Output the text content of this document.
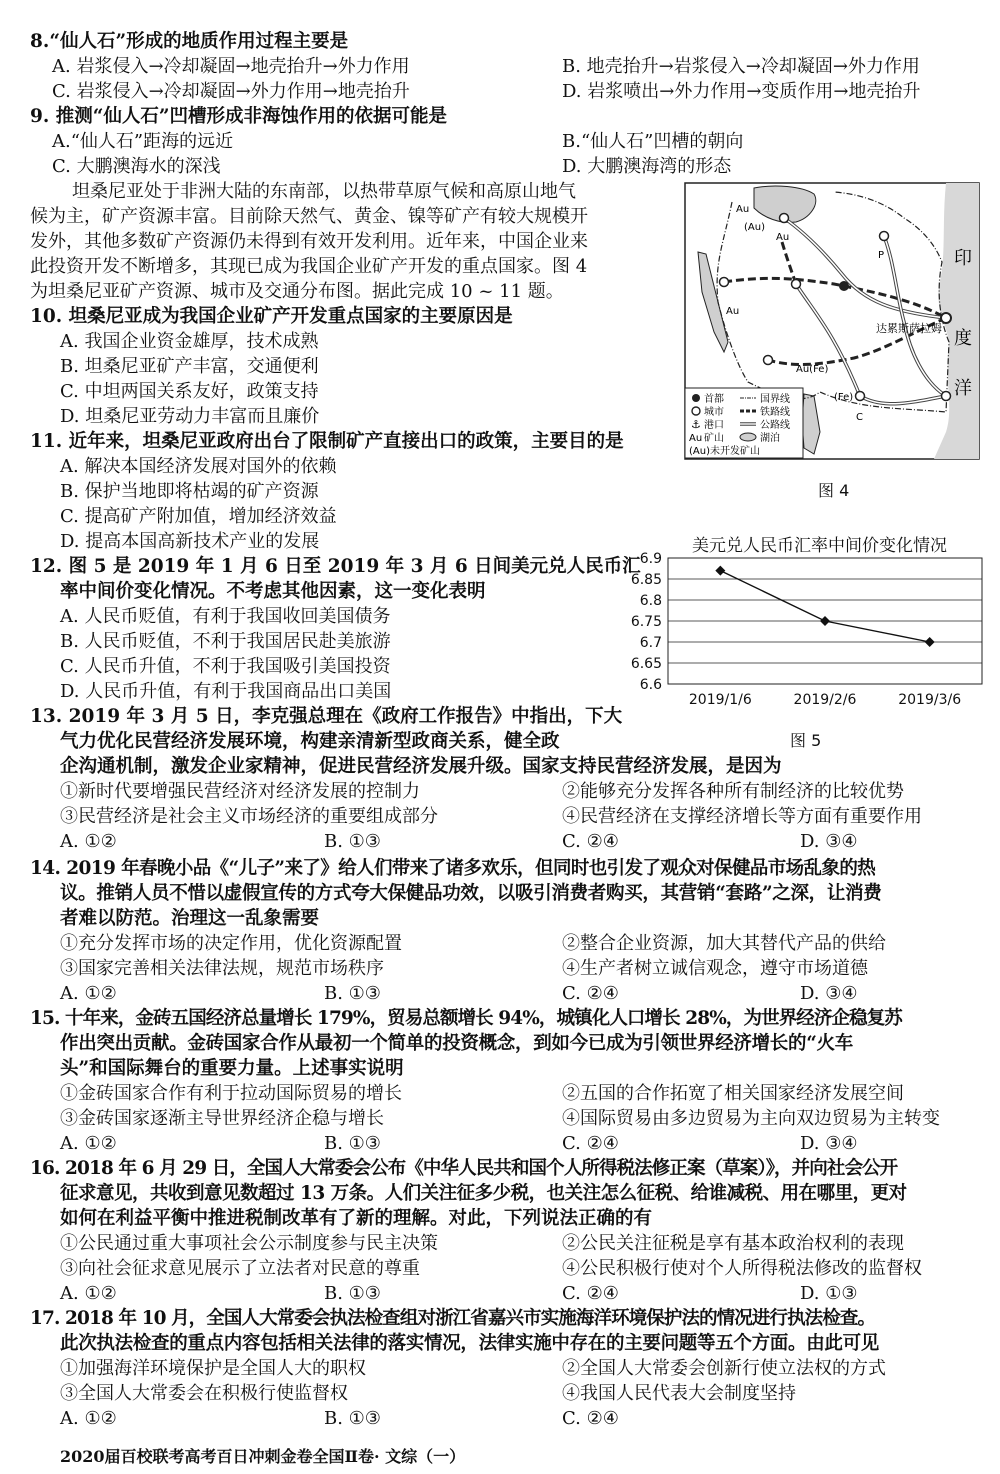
8.“仙人石”形成的地质作用过程主要是
A. 岩浆侵入→冷却凝固→地壳抬升→外力作用	B. 地壳抬升→岩浆侵入→冷却凝固→外力作用
C. 岩浆侵入→冷却凝固→外力作用→地壳抬升	D. 岩浆喷出→外力作用→变质作用→地壳抬升
9. 推测“仙人石”凹槽形成非海蚀作用的依据可能是
A.“仙人石”距海的远近	B.“仙人石”凹槽的朝向
C. 大鹏澳海水的深浅	D. 大鹏澳海湾的形态
坦桑尼亚处于非洲大陆的东南部，以热带草原气候和高原山地气
候为主，矿产资源丰富。目前除天然气、黄金、镍等矿产有较大规模开
发外，其他多数矿产资源仍未得到有效开发利用。近年来，中国企业来
此投资开发不断增多，其现已成为我国企业矿产开发的重点国家。图 4
为坦桑尼亚矿产资源、城市及交通分布图。据此完成 10 ~ 11 题。
10. 坦桑尼亚成为我国企业矿产开发重点国家的主要原因是
A. 我国企业资金雄厚，技术成熟
B. 坦桑尼亚矿产丰富，交通便利
C. 中坦两国关系友好，政策支持
D. 坦桑尼亚劳动力丰富而且廉价
11. 近年来，坦桑尼亚政府出台了限制矿产直接出口的政策，主要目的是
A. 解决本国经济发展对国外的依赖
B. 保护当地即将枯竭的矿产资源
C. 提高矿产附加值，增加经济效益
D. 提高本国高新技术产业的发展
12. 图 5 是 2019 年 1 月 6 日至 2019 年 3 月 6 日间美元兑人民币汇
率中间价变化情况。不考虑其他因素，这一变化表明
A. 人民币贬值，有利于我国收回美国债务
B. 人民币贬值，不利于我国居民赴美旅游
C. 人民币升值，不利于我国吸引美国投资
D. 人民币升值，有利于我国商品出口美国
13. 2019 年 3 月 5 日，李克强总理在《政府工作报告》中指出，下大
气力优化民营经济发展环境，构建亲清新型政商关系，健全政
企沟通机制，激发企业家精神，促进民营经济发展升级。国家支持民营经济发展，是因为
①新时代要增强民营经济对经济发展的控制力	②能够充分发挥各种所有制经济的比较优势
③民营经济是社会主义市场经济的重要组成部分	④民营经济在支撑经济增长等方面有重要作用
A. ①②	B. ①③	C. ②④	D. ③④
14. 2019 年春晚小品《“儿子”来了》给人们带来了诸多欢乐，但同时也引发了观众对保健品市场乱象的热
议。推销人员不惜以虚假宣传的方式夸大保健品功效，以吸引消费者购买，其营销“套路”之深，让消费
者难以防范。治理这一乱象需要
①充分发挥市场的决定作用，优化资源配置	②整合企业资源，加大其替代产品的供给
③国家完善相关法律法规，规范市场秩序	④生产者树立诚信观念，遵守市场道德
A. ①②	B. ①③	C. ②④	D. ③④
15. 十年来，金砖五国经济总量增长 179%，贸易总额增长 94%，城镇化人口增长 28%，为世界经济企稳复苏
作出突出贡献。金砖国家合作从最初一个简单的投资概念，到如今已成为引领世界经济增长的“火车
头”和国际舞台的重要力量。上述事实说明
①金砖国家合作有利于拉动国际贸易的增长	②五国的合作拓宽了相关国家经济发展空间
③金砖国家逐渐主导世界经济企稳与增长	④国际贸易由多边贸易为主向双边贸易为主转变
A. ①②	B. ①③	C. ②④	D. ③④
16. 2018 年 6 月 29 日，全国人大常委会公布《中华人民共和国个人所得税法修正案（草案）》，并向社会公开
征求意见，共收到意见数超过 13 万条。人们关注征多少税，也关注怎么征税、给谁减税、用在哪里，更对
如何在利益平衡中推进税制改革有了新的理解。对此，下列说法正确的有
①公民通过重大事项社会公示制度参与民主决策	②公民关注征税是享有基本政治权利的表现
③向社会征求意见展示了立法者对民意的尊重	④公民积极行使对个人所得税法修改的监督权
A. ①②	B. ①③	C. ②④	D. ①③
17. 2018 年 10 月，全国人大常委会执法检查组对浙江省嘉兴市实施海洋环境保护法的情况进行执法检查。
此次执法检查的重点内容包括相关法律的落实情况，法律实施中存在的主要问题等五个方面。由此可见
①加强海洋环境保护是全国人大的职权	②全国人大常委会创新行使立法权的方式
③全国人大常委会在积极行使监督权	④我国人民代表大会制度坚持
A. ①②	B. ①③	C. ②④
Au
(Au)
Au
P
Au
Au(Fe)
(Fe)
C
达累斯萨拉姆
印
度
洋
首都	国界线
城市	铁路线
⚓ 港口	公路线
Au 矿山	湖泊
(Au)未开发矿山
图 4
美元兑人民币汇率中间价变化情况
6.9
6.85
6.8
6.75
6.7
6.65
6.6
2019/1/6	2019/2/6	2019/3/6
图 5
2020届百校联考高考百日冲刺金卷全国Ⅱ卷· 文综（一）
